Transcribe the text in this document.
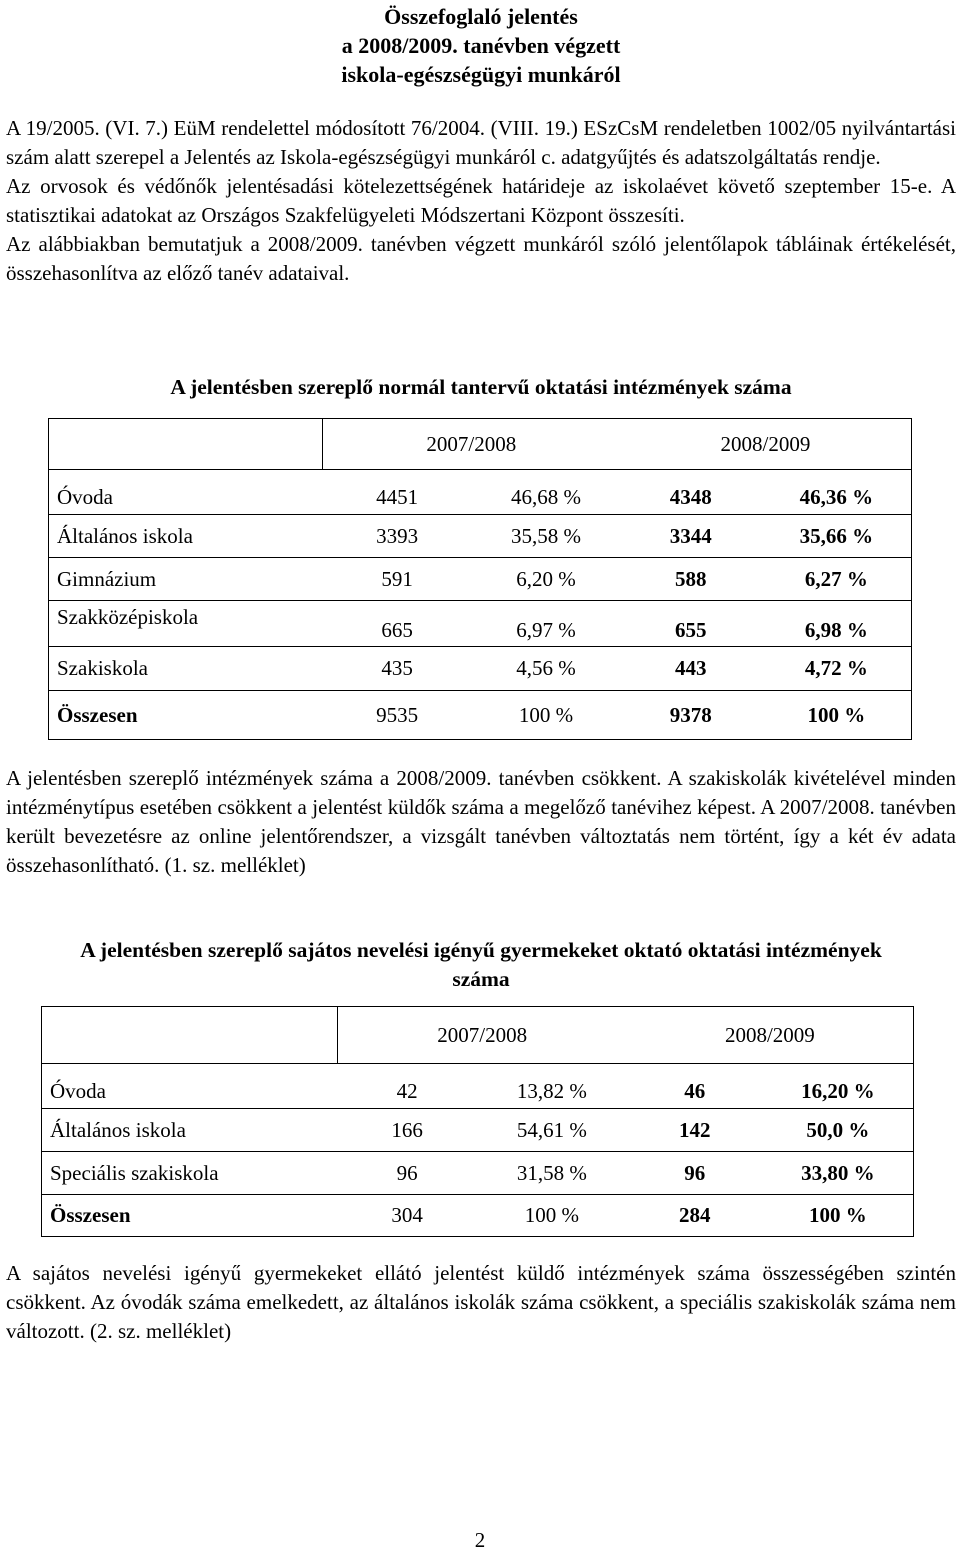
Összefoglaló jelentés
a 2008/2009. tanévben végzett
iskola-egészségügyi munkáról

A 19/2005. (VI. 7.) EüM rendelettel módosított 76/2004. (VIII. 19.) ESzCsM rendeletben 1002/05 nyilvántartási szám alatt szerepel a Jelentés az Iskola-egészségügyi munkáról c. adatgyűjtés és adatszolgáltatás rendje.

Az orvosok és védőnők jelentésadási kötelezettségének határideje az iskolaévet követő szeptember 15-e. A statisztikai adatokat az Országos Szakfelügyeleti Módszertani Központ összesíti.

Az alábbiakban bemutatjuk a 2008/2009. tanévben végzett munkáról szóló jelentőlapok tábláinak értékelését, összehasonlítva az előző tanév adataival.

A jelentésben szereplő normál tantervű oktatási intézmények száma
	2007/2008		2008/2009	
Óvoda	4451	46,68 %	4348	46,36 %
Általános iskola	3393	35,58 %	3344	35,66 %
Gimnázium	591	6,20 %	588	6,27 %
Szakközépiskola	665	6,97 %	655	6,98 %
Szakiskola	435	4,56 %	443	4,72 %
Összesen	9535	100 %	9378	100 %

A jelentésben szereplő intézmények száma a 2008/2009. tanévben csökkent. A szakiskolák kivételével minden intézménytípus esetében csökkent a jelentést küldők száma a megelőző tanévihez képest. A 2007/2008. tanévben került bevezetésre az online jelentőrendszer, a vizsgált tanévben változtatás nem történt, így a két év adata összehasonlítható. (1. sz. melléklet)

A jelentésben szereplő sajátos nevelési igényű gyermekeket oktató oktatási intézmények
száma
	2007/2008		2008/2009	
Óvoda	42	13,82 %	46	16,20 %
Általános iskola	166	54,61 %	142	50,0 %
Speciális szakiskola	96	31,58 %	96	33,80 %
Összesen	304	100 %	284	100 %

A sajátos nevelési igényű gyermekeket ellátó jelentést küldő intézmények száma összességében szintén csökkent. Az óvodák száma emelkedett, az általános iskolák száma csökkent, a speciális szakiskolák száma nem változott. (2. sz. melléklet)

2
